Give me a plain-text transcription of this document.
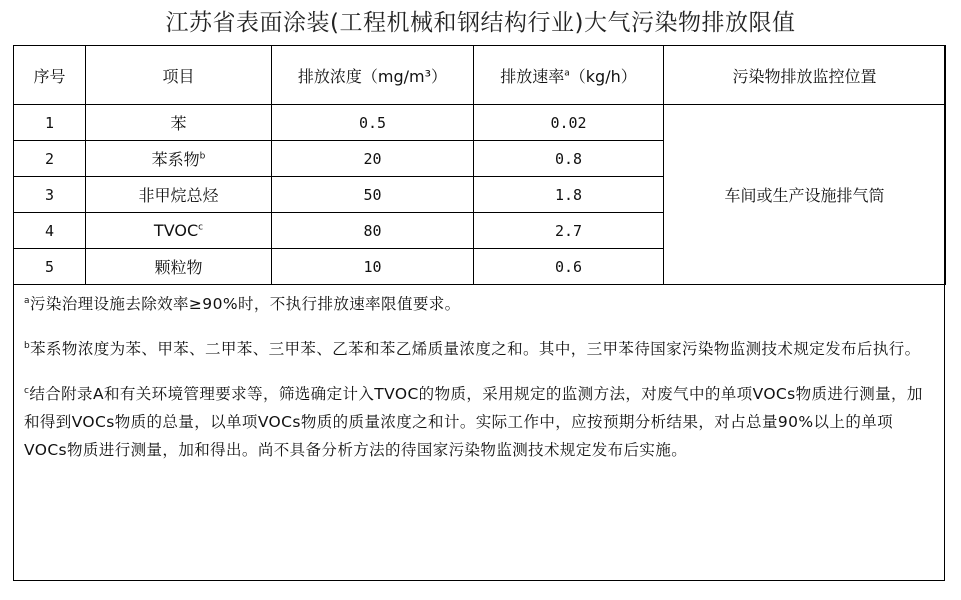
江苏省表面涂装(工程机械和钢结构行业)大气污染物排放限值
序号	项目	排放浓度（mg/m³）	排放速率$^a$（kg/h）	污染物排放监控位置
1	苯	0.5	0.02	车间或生产设施排气筒
2	苯系物$^b$	20	0.8	
3	非甲烷总烃	50	1.8	
4	TVOC$^c$	80	2.7	
5	颗粒物	10	0.6	

$^a$污染治理设施去除效率≥90%时，不执行排放速率限值要求。

$^b$苯系物浓度为苯、甲苯、二甲苯、三甲苯、乙苯和苯乙烯质量浓度之和。其中，三甲苯待国家污染物监测技术规定发布后执行。

$^c$结合附录A和有关环境管理要求等，筛选确定计入TVOC的物质，采用规定的监测方法，对废气中的单项VOCs物质进行测量，加和得到VOCs物质的总量，以单项VOCs物质的质量浓度之和计。实际工作中，应按预期分析结果，对占总量90%以上的单项VOCs物质进行测量，加和得出。尚不具备分析方法的待国家污染物监测技术规定发布后实施。
